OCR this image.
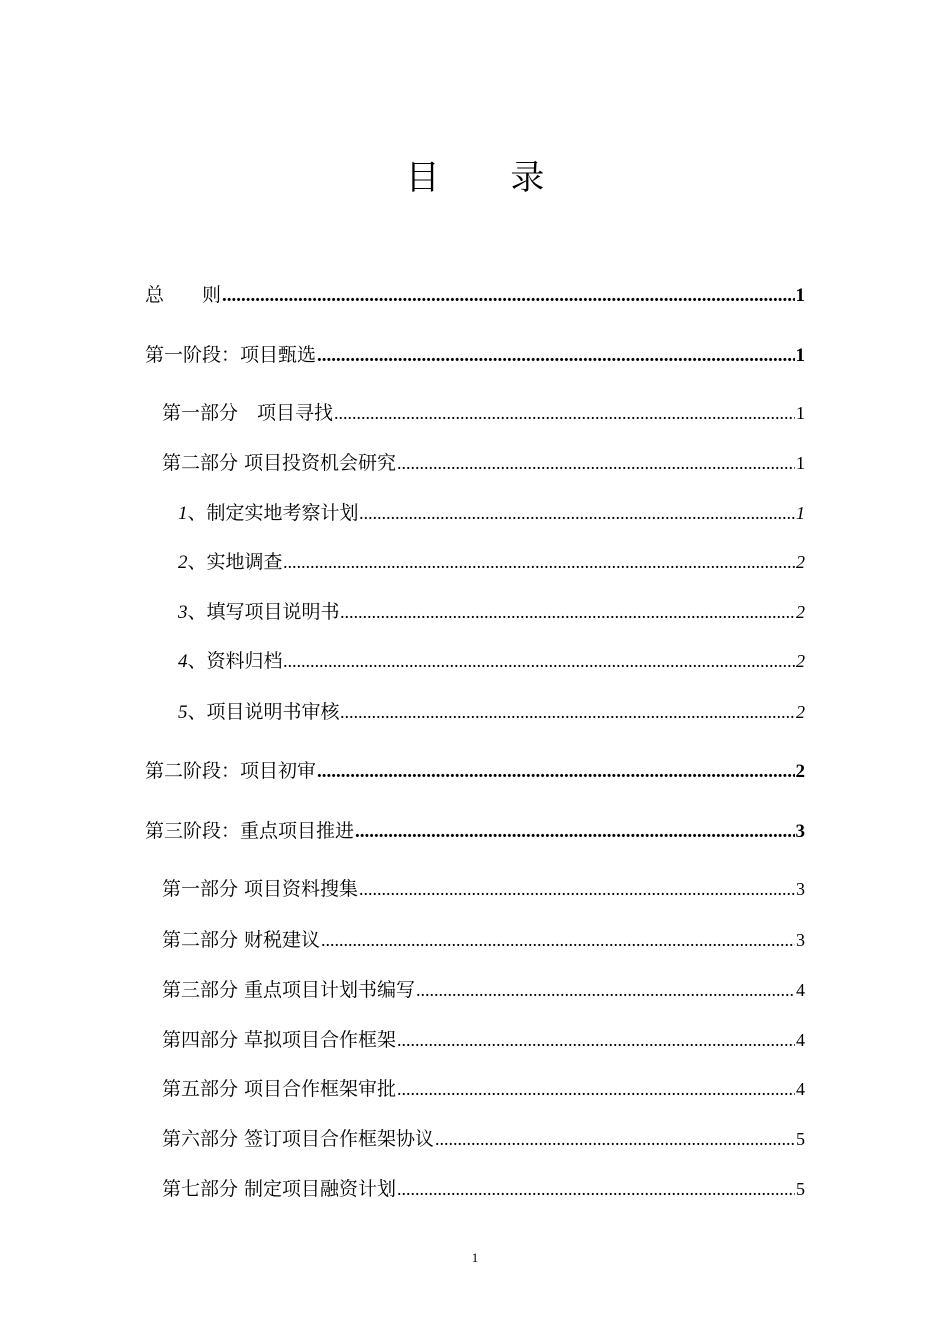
目 录
总　　则 .....	1
第一阶段：项目甄选 .....	1
第一部分　项目寻找 .....	1
第二部分 项目投资机会研究 .....	1
1、制定实地考察计划 .....	1
2、实地调查 .....	2
3、填写项目说明书 .....	2
4、资料归档 .....	2
5、项目说明书审核 .....	2
第二阶段：项目初审 .....	2
第三阶段：重点项目推进 .....	3
第一部分 项目资料搜集 .....	3
第二部分 财税建议 .....	3
第三部分 重点项目计划书编写 .....	4
第四部分 草拟项目合作框架 .....	4
第五部分 项目合作框架审批 .....	4
第六部分 签订项目合作框架协议 .....	5
第七部分 制定项目融资计划 .....	5
1
